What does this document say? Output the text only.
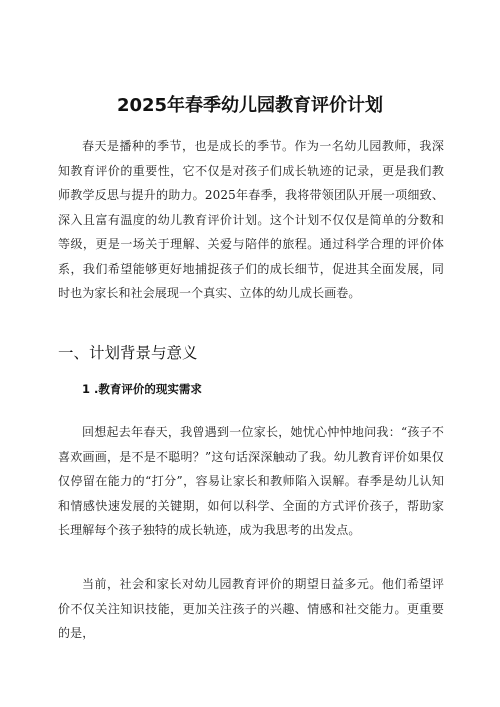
2025年春季幼儿园教育评价计划

春天是播种的季节，也是成长的季节。作为一名幼儿园教师，我深知教育评价的重要性，它不仅是对孩子们成长轨迹的记录，更是我们教师教学反思与提升的助力。2025年春季，我将带领团队开展一项细致、深入且富有温度的幼儿教育评价计划。这个计划不仅仅是简单的分数和等级，更是一场关于理解、关爱与陪伴的旅程。通过科学合理的评价体系，我们希望能够更好地捕捉孩子们的成长细节，促进其全面发展，同时也为家长和社会展现一个真实、立体的幼儿成长画卷。

一、计划背景与意义
1 .教育评价的现实需求

回想起去年春天，我曾遇到一位家长，她忧心忡忡地问我：“孩子不喜欢画画，是不是不聪明？”这句话深深触动了我。幼儿教育评价如果仅仅停留在能力的“打分”，容易让家长和教师陷入误解。春季是幼儿认知和情感快速发展的关键期，如何以科学、全面的方式评价孩子，帮助家长理解每个孩子独特的成长轨迹，成为我思考的出发点。

当前，社会和家长对幼儿园教育评价的期望日益多元。他们希望评价不仅关注知识技能，更加关注孩子的兴趣、情感和社交能力。更重要的是，
